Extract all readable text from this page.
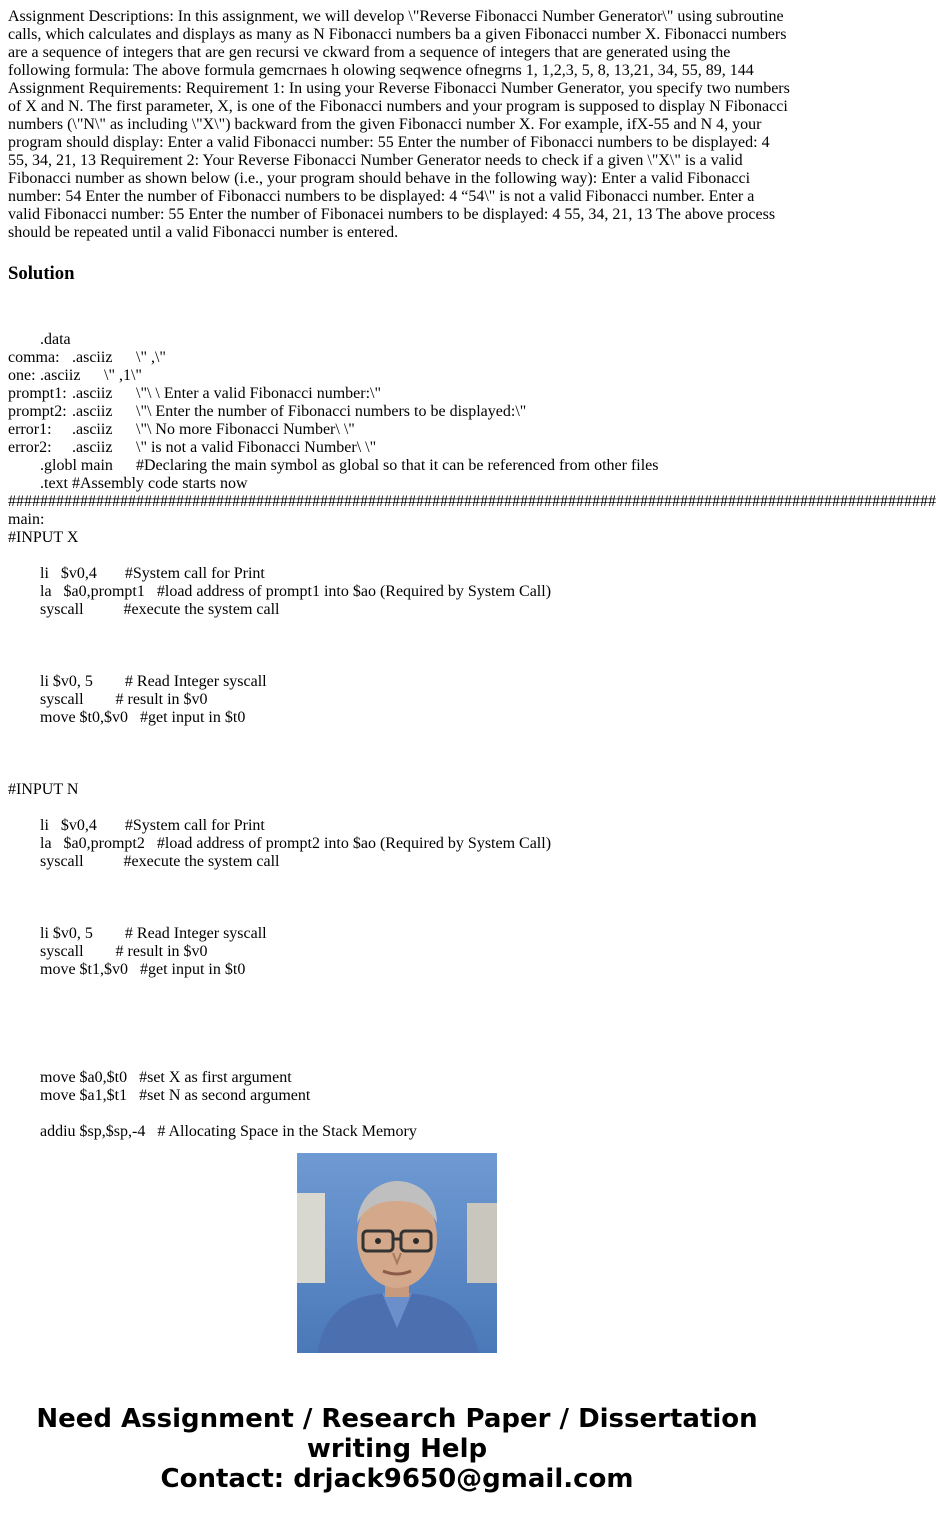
Assignment Descriptions: In this assignment, we will develop \"Reverse Fibonacci Number Generator\" using subroutine calls, which calculates and displays as many as N Fibonacci numbers ba a given Fibonacci number X. Fibonacci numbers are a sequence of integers that are gen recursi ve ckward from a sequence of integers that are generated using the following formula: The above formula gemcrnaes h olowing seqwence ofnegrns 1, 1,2,3, 5, 8, 13,21, 34, 55, 89, 144 Assignment Requirements: Requirement 1: In using your Reverse Fibonacci Number Generator, you specify two numbers of X and N. The first parameter, X, is one of the Fibonacci numbers and your program is supposed to display N Fibonacci numbers (\"N\" as including \"X\") backward from the given Fibonacci number X. For example, ifX-55 and N 4, your program should display: Enter a valid Fibonacci number: 55 Enter the number of Fibonacci numbers to be displayed: 4 55, 34, 21, 13 Requirement 2: Your Reverse Fibonacci Number Generator needs to check if a given \"X\" is a valid Fibonacci number as shown below (i.e., your program should behave in the following way): Enter a valid Fibonacci number: 54 Enter the number of Fibonacci numbers to be displayed: 4 “54\" is not a valid Fibonacci number. Enter a valid Fibonacci number: 55 Enter the number of Fibonacei numbers to be displayed: 4 55, 34, 21, 13 The above process should be repeated until a valid Fibonacci number is entered.

Solution
	.data
comma:	.asciiz	\" ,\"
one:	.asciiz	\" ,1\"
prompt1:	.asciiz	\"\ \ Enter a valid Fibonacci number:\"
prompt2:	.asciiz	\"\ Enter the number of Fibonacci numbers to be displayed:\"
error1:	.asciiz	\"\ No more Fibonacci Number\ \"
error2:	.asciiz	\" is not a valid Fibonacci Number\ \"
	.globl main	#Declaring the main symbol as global so that it can be referenced from other files
	.text	#Assembly code starts now
####################################################################################################################
main:
#INPUT X

	li   $v0,4       #System call for Print
	la   $a0,prompt1   #load address of prompt1 into $ao (Required by System Call)
	syscall          #execute the system call

	li $v0, 5        # Read Integer syscall
	syscall        # result in $v0
	move $t0,$v0   #get input in $t0

#INPUT N

	li   $v0,4       #System call for Print
	la   $a0,prompt2   #load address of prompt2 into $ao (Required by System Call)
	syscall          #execute the system call

	li $v0, 5        # Read Integer syscall
	syscall        # result in $v0
	move $t1,$v0   #get input in $t0

	move $a0,$t0   #set X as first argument
	move $a1,$t1   #set N as second argument

	addiu $sp,$sp,-4   # Allocating Space in the Stack Memory
Need Assignment / Research Paper / Dissertation
writing Help
Contact: drjack9650@gmail.com
